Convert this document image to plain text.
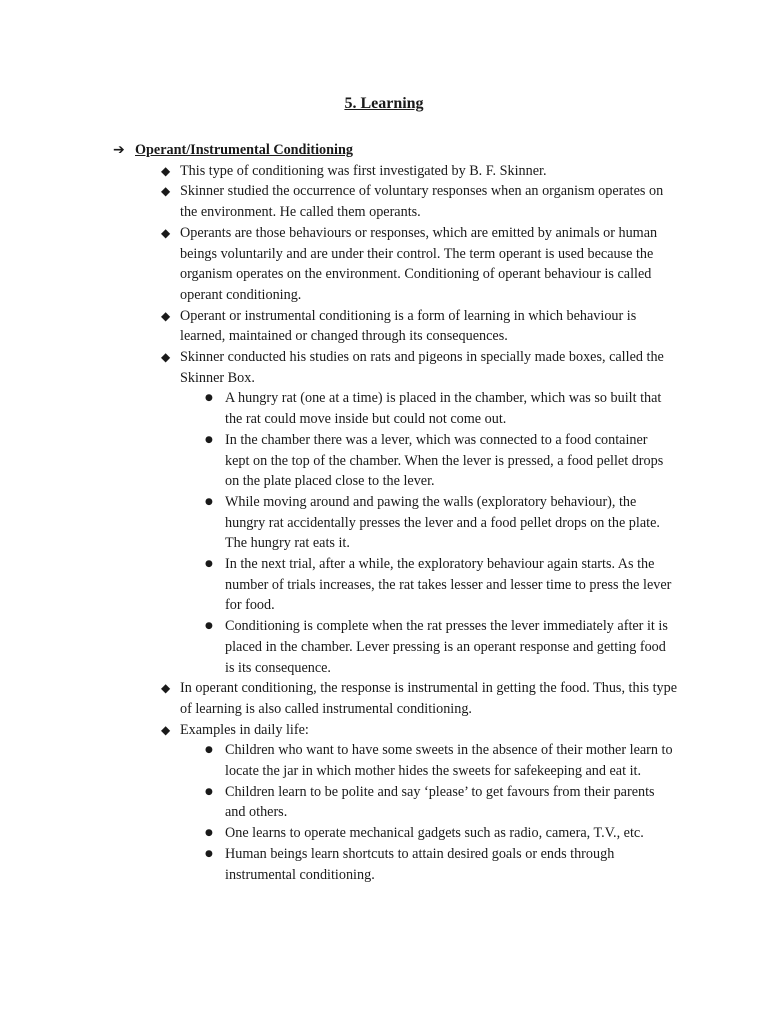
5. Learning
➔ Operant/Instrumental Conditioning
◆ This type of conditioning was first investigated by B. F. Skinner.
◆ Skinner studied the occurrence of voluntary responses when an organism operates on the environment. He called them operants.
◆ Operants are those behaviours or responses, which are emitted by animals or human beings voluntarily and are under their control. The term operant is used because the organism operates on the environment. Conditioning of operant behaviour is called operant conditioning.
◆ Operant or instrumental conditioning is a form of learning in which behaviour is learned, maintained or changed through its consequences.
◆ Skinner conducted his studies on rats and pigeons in specially made boxes, called the Skinner Box.
● A hungry rat (one at a time) is placed in the chamber, which was so built that the rat could move inside but could not come out.
● In the chamber there was a lever, which was connected to a food container kept on the top of the chamber. When the lever is pressed, a food pellet drops on the plate placed close to the lever.
● While moving around and pawing the walls (exploratory behaviour), the hungry rat accidentally presses the lever and a food pellet drops on the plate. The hungry rat eats it.
● In the next trial, after a while, the exploratory behaviour again starts. As the number of trials increases, the rat takes lesser and lesser time to press the lever for food.
● Conditioning is complete when the rat presses the lever immediately after it is placed in the chamber. Lever pressing is an operant response and getting food is its consequence.
◆ In operant conditioning, the response is instrumental in getting the food. Thus, this type of learning is also called instrumental conditioning.
◆ Examples in daily life:
● Children who want to have some sweets in the absence of their mother learn to locate the jar in which mother hides the sweets for safekeeping and eat it.
● Children learn to be polite and say ‘please’ to get favours from their parents and others.
● One learns to operate mechanical gadgets such as radio, camera, T.V., etc.
● Human beings learn shortcuts to attain desired goals or ends through instrumental conditioning.
